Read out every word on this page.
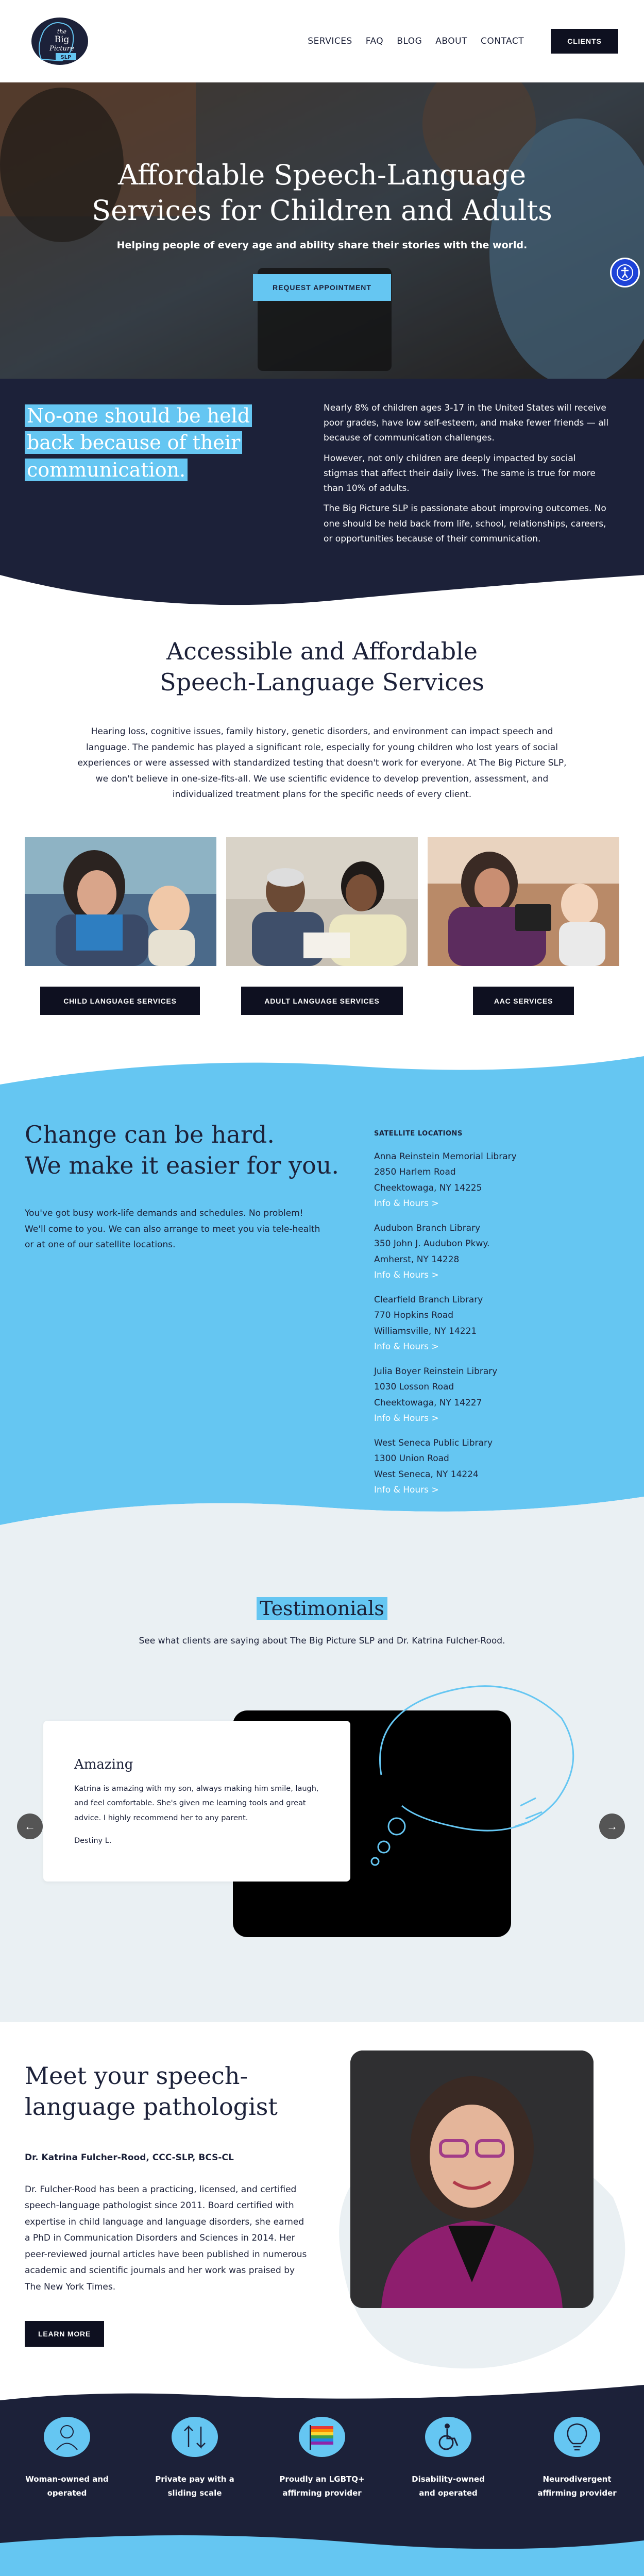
the
Big
Picture
SLP
SERVICES FAQ BLOG ABOUT CONTACT	CLIENTS
Affordable Speech-Language
Services for Children and Adults

Helping people of every age and ability share their stories with the world.

REQUEST APPOINTMENT
No-one should be held
back because of their
communication.

Nearly 8% of children ages 3-17 in the United States will receive poor grades, have low self-esteem, and make fewer friends — all because of communication challenges.

However, not only children are deeply impacted by social stigmas that affect their daily lives. The same is true for more than 10% of adults.

The Big Picture SLP is passionate about improving outcomes. No one should be held back from life, school, relationships, careers, or opportunities because of their communication.

Accessible and Affordable
Speech-Language Services

Hearing loss, cognitive issues, family history, genetic disorders, and environment can impact speech and language. The pandemic has played a significant role, especially for young children who lost years of social experiences or were assessed with standardized testing that doesn't work for everyone. At The Big Picture SLP, we don't believe in one-size-fits-all. We use scientific evidence to develop prevention, assessment, and individualized treatment plans for the specific needs of every client.

CHILD LANGUAGE SERVICES	ADULT LANGUAGE SERVICES	AAC SERVICES
Change can be hard.
We make it easier for you.

You've got busy work-life demands and schedules. No problem! We'll come to you. We can also arrange to meet you via tele-health or at one of our satellite locations.

SATELLITE LOCATIONS
Anna Reinstein Memorial Library
2850 Harlem Road
Cheektowaga, NY 14225
Info & Hours >
Audubon Branch Library
350 John J. Audubon Pkwy.
Amherst, NY 14228
Info & Hours >
Clearfield Branch Library
770 Hopkins Road
Williamsville, NY 14221
Info & Hours >
Julia Boyer Reinstein Library
1030 Losson Road
Cheektowaga, NY 14227
Info & Hours >
West Seneca Public Library
1300 Union Road
West Seneca, NY 14224
Info & Hours >
Testimonials

See what clients are saying about The Big Picture SLP and Dr. Katrina Fulcher-Rood.

Amazing

Katrina is amazing with my son, always making him smile, laugh, and feel comfortable. She's given me learning tools and great advice. I highly recommend her to any parent.

Destiny L.

←	→
Meet your speech-
language pathologist
Dr. Katrina Fulcher-Rood, CCC-SLP, BCS-CL

Dr. Fulcher-Rood has been a practicing, licensed, and certified speech-language pathologist since 2011. Board certified with expertise in child language and language disorders, she earned a PhD in Communication Disorders and Sciences in 2014. Her peer-reviewed journal articles have been published in numerous academic and scientific journals and her work was praised by The New York Times.

LEARN MORE

Woman-owned and
operated

Private pay with a
sliding scale

Proudly an LGBTQ+
affirming provider

Disability-owned
and operated

Neurodivergent
affirming provider
